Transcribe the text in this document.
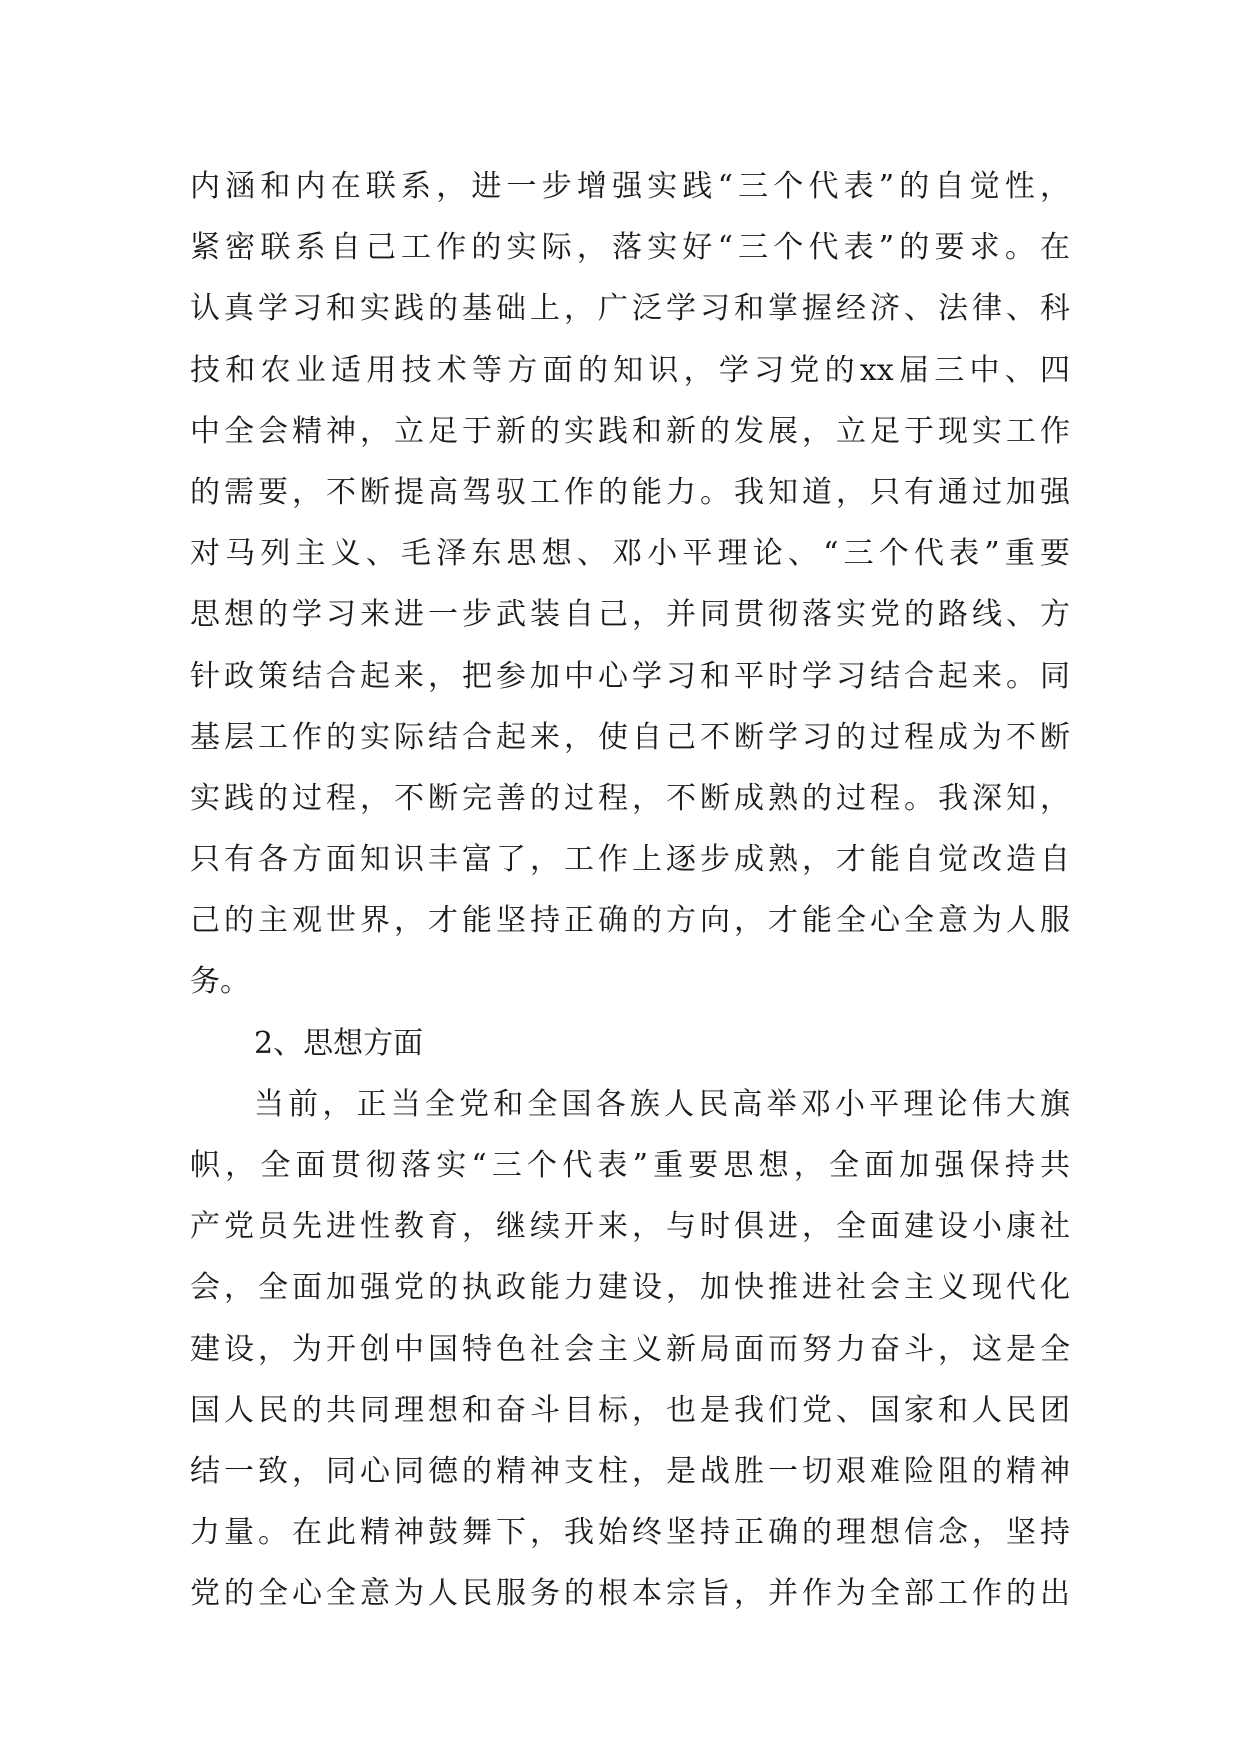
内涵和内在联系，进一步增强实践“三个代表”的自觉性，
紧密联系自己工作的实际，落实好“三个代表”的要求。在
认真学习和实践的基础上，广泛学习和掌握经济、法律、科
技和农业适用技术等方面的知识，学习党的xx届三中、四
中全会精神，立足于新的实践和新的发展，立足于现实工作
的需要，不断提高驾驭工作的能力。我知道，只有通过加强
对马列主义、毛泽东思想、邓小平理论、“三个代表”重要
思想的学习来进一步武装自己，并同贯彻落实党的路线、方
针政策结合起来，把参加中心学习和平时学习结合起来。同
基层工作的实际结合起来，使自己不断学习的过程成为不断
实践的过程，不断完善的过程，不断成熟的过程。我深知，
只有各方面知识丰富了，工作上逐步成熟，才能自觉改造自
己的主观世界，才能坚持正确的方向，才能全心全意为人服
务。
2、思想方面
当前，正当全党和全国各族人民高举邓小平理论伟大旗
帜，全面贯彻落实“三个代表”重要思想，全面加强保持共
产党员先进性教育，继续开来，与时俱进，全面建设小康社
会，全面加强党的执政能力建设，加快推进社会主义现代化
建设，为开创中国特色社会主义新局面而努力奋斗，这是全
国人民的共同理想和奋斗目标，也是我们党、国家和人民团
结一致，同心同德的精神支柱，是战胜一切艰难险阻的精神
力量。在此精神鼓舞下，我始终坚持正确的理想信念，坚持
党的全心全意为人民服务的根本宗旨，并作为全部工作的出
